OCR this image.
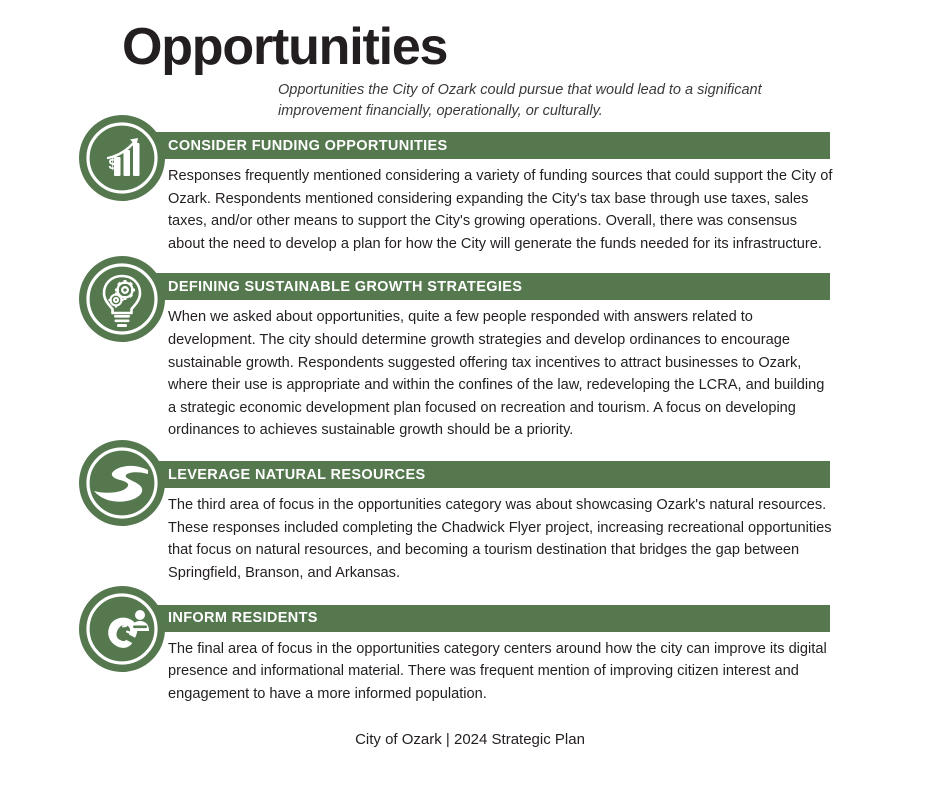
Opportunities
Opportunities the City of Ozark could pursue that would lead to a significant improvement financially, operationally, or culturally.
$
CONSIDER FUNDING OPPORTUNITIES
Responses frequently mentioned considering a variety of funding sources that could support the City of Ozark. Respondents mentioned considering expanding the City's tax base through use taxes, sales taxes, and/or other means to support the City's growing operations. Overall, there was consensus about the need to develop a plan for how the City will generate the funds needed for its infrastructure.
DEFINING SUSTAINABLE GROWTH STRATEGIES
When we asked about opportunities, quite a few people responded with answers related to development. The city should determine growth strategies and develop ordinances to encourage sustainable growth. Respondents suggested offering tax incentives to attract businesses to Ozark, where their use is appropriate and within the confines of the law, redeveloping the LCRA, and building a strategic economic development plan focused on recreation and tourism. A focus on developing ordinances to achieves sustainable growth should be a priority.
LEVERAGE NATURAL RESOURCES
The third area of focus in the opportunities category was about showcasing Ozark's natural resources. These responses included completing the Chadwick Flyer project, increasing recreational opportunities that focus on natural resources, and becoming a tourism destination that bridges the gap between Springfield, Branson, and Arkansas.
INFORM RESIDENTS
The final area of focus in the opportunities category centers around how the city can improve its digital presence and informational material. There was frequent mention of improving citizen interest and engagement to have a more informed population.
City of Ozark | 2024 Strategic Plan
